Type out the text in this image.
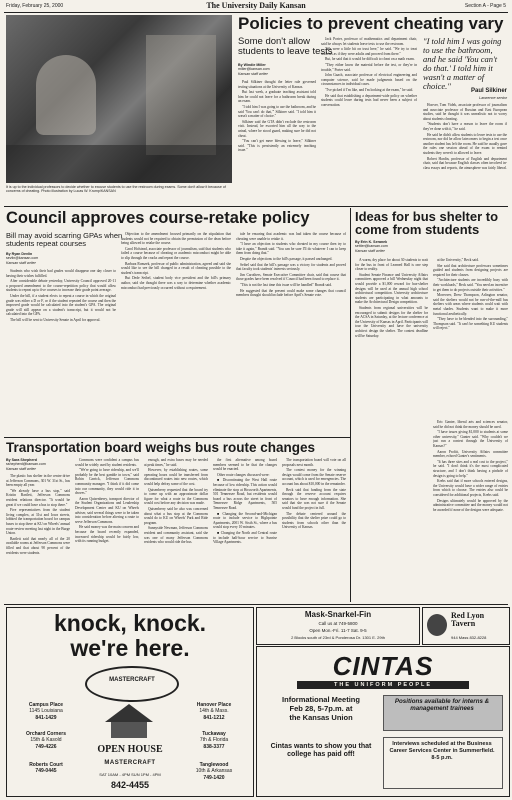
Friday, February 25, 2000	The University Daily Kansan	Section A - Page 5
It is up to the individual professors to decide whether to excuse students to use the restroom during exams. Some don't allow it because of concerns of cheating. Photo illustration by Lucas W. Krump/KANSAN
Policies to prevent cheating vary
Some don't allow students to leave tests
By Windie Miller
miller@kansan.com
Kansan staff writer

Paul Silkiner thought the letter rule governed testing situations at the University of Kansas.

But last week, a graduate teaching assistant told him he could not leave for a bathroom break during an exam.

"I told him I was going to use the bathroom, and he said 'You can't do that,'" Silkiner said. "I told him it wasn't a matter of choice."

Silkiner said the GTA didn't exclude the restroom visit. Instead, he escorted him all the way to the urinal, where he stood guard, making sure he did not cheat.

"You can't get mere blessing to leave," Silkiner said. "This is persistently an extremely teaching issue."

Jack Porter, professor of mathematics and department chair, said he always let students leave tests to use the restroom.

"We were a little bit on trust here," he said. "We try to treat students as if they were adults and proceed from there."

But, he said that it would be difficult to cheat on a math exam.

"They either know the material before the test, or they're in trouble," Porter said.

John Gaach, associate professor of electrical engineering and computer science, said he made judgments based on the circumstances in individual cases.

"I've picked if I'm like, and I'm looking at the exam," he said.

He said that establishing a department-wide policy on whether students could leave during tests had never been a subject of conversation.

"I told him I was going to use the bathroom, and he said 'You can't do that.' I told him it wasn't a matter of choice."
Paul Silkiner
Lawrence senior

Hoover, Tom Videk, associate professor of journalism and associate professor of Russian and East European studies, said he thought it was unrealistic not to worry about students cheating.

"Students don't have a reason to leave the room if they've done with it," he said.

He said he didn't allow students to leave tests to use the restroom, nor did he allow latecomers to begin a test once another student has left the room. He said he usually gave the rules one session ahead of the exam to remind students they weren't to allowed to leave.

Robert Hardin, professor of English and department chair, said that because English classes often involved in-class essays and reports, the atmosphere was fairly liberal.

Council approves course-retake policy
Bill may avoid scarring GPAs when students repeat courses
By Ryan Devlin
sevlin@kansan.com
Kansan staff writer

Students who wish their bad grades would disappear one day closer to having their wishes fulfilled.

After considerable debate yesterday, University Council approved 20-11 a proposed amendment to the course-repetition policy that would allow students to repeat up to five courses to increase their grade point average.

Under the bill, if a student elects to repeat a course in which the original grade was either a D or F, or if the student repeated the course and then the improved grade would be calculated into the student's GPA. The original grade will still appear on a student's transcript, but it would not be calculated into the GPA.

The bill will be sent to University Senate in April for approval.

Objection to the amendment focused primarily on the stipulation that students would not be required to obtain the permission of the dean before being allowed to retake the course.

Carol Holstead, associate professor of journalism, said that students who failed a course because of cheating or academic misconduct might be able to slip through the cracks and repeat the course.

Barbara Romzek, professor of public administration, agreed and said she would like to see the bill changed in a result of cheating possible to the student's transcript.

But Dede Seibel, student body vice president and the bill's primary author, said she thought there was a way to determine whether academic misconduct had previously occurred without a requirement.

tale be ensuring that academic was had taken the course because of cheating were unable to retake it.

"I have an objection to students who cheated in my course then try to take it again," Brandt said. "You can be sure I'll do whatever I can to keep them from doing that."

Despite the objections to the bill's passage, it passed unchanged.

Seibel said that the bill's passage was a victory for students and proved that faculty took students' interests seriously.

Jim Carothers, Senate Executive Committee chair, said that course that those grades have been resolved if Council had been found to replace it.

"This is not the last time this issue will be handled" Brandt said.

He suggested that the present could make some changes that council members thought should include before April's Senate vote.

Ideas for bus shelter to come from students
By Erin K. Seranek
settler@kansan.com
Kansan staff writer

A warm, dry place for about 30 students to wait for the bus in front of Learned Hall is one step closer to reality.

Student Senate Finance and University Affairs committees approved a bill Wednesday night that would provide a $1,000 reward for bus-shelter designs will be used at the annual high school architectural competition. University architecture students are participating in what amounts to make the Architectural Design competition.

Students from regional universities will be encouraged to submit designs for the shelter for the ACSA in Saturday, at the lecture conference at the University of Kansas in April. Participants will tour the University and have the university architect design the shelter. The contest deadline will be Saturday.

at the University," Beck said.

She said that architecture professors sometimes guided and students from designing projects are required for their classes.

"Architecture students are incredibly busy with their workloads," Beck said. "You need an incentive to get them to do projects outside their activities."

Moreover, Drew Thompson, Arlington senator, said the shelters would not be run-of-the-mill bus shelters with areas where students could wait with metal shades. Students want to make it more functional aesthetically.

"They have to be blended into the surrounding," Thompson said. "It can't be something KU students will reject."

Eric Ganter, liberal arts and sciences senator, said he did not think the money should be used.

"I have issues giving $1,000 to students at some other university," Ganter said. "Why couldn't we just run a contest through the University of Kansas?"

Aaron Profitt, University Affairs committee member, echoed Ganter's sentiments.

"It has three sites and a real cost to the project," he said. "I don't think it's the most complicated structure, and I don't think having a pinhole of design is going to help."

Krebs said that if more schools entered designs, the University would have a wider range of entries from which to choose. The entries also could be considered for additional projects, Krebs said.

Designs ultimately would be approved by the administrative committee and the money would not be awarded if none of the designs were adequate.

Transportation board weighs bus route changes
By Sara Shepherd
sshepherd@kansan.com
Kansan staff writer

The plastic bus shelter in the centre drive at Jefferson Commons, 301 W. 31st St., has been empty all year.

"We already have a bus stop," said Kristin Bartlett, Jefferson Commons resident relations director. "It would be great if we could have a bus to stop there."

Five representatives from the student living complex, at 31st and Iowa streets, lobbied the transportation board for campus buses to stop there at KU on Wheels' annual route-review meeting last night in the Burge Union.

Bartlett said that nearly all of the 20 available rooms at Jefferson Commons were filled and that about 90 percent of the residents were students.

Commons were confident a campus bus would be widely used by student residents.

"We're going to have ridership, and we'll probably be the best gamble in town," said Robin Carrick, Jefferson Commons community manager. "I think if it did come into our community, they would ride it in droves."

Aaron Quisenberry, transport director of the Student Organizations and Leadership Development Center and KU on Wheels adviser, said several things were to be taken into consideration before altering a route to serve Jefferson Commons.

He said money was the main concern and because the board recently expanded, increased ridership would be fairly low, with its running budget.

enough, and extra buses may be needed at peak times," he said.

However, by establishing routes, some operating hours could be transferred from discontinued routes into new routes, which would help defray some of the cost.

Quisenberry requested that the board try to come up with an approximate dollar figure for what a route to the Commons would cost before any decision was made.

Quisenberry said he also was concerned about what a bus stop at the Commons would do to KU on Wheels' Park and Ride program.

Sunnyside Newman, Jefferson Commons resident and community assistant, said she was one of many Jefferson Commons residents who would ride the bus.

the first alternative among board members seemed to be that the changes would be enacted.

Other route changes discussed were:

■ Discontinuing the West Hall route because of low ridership. This action would eliminate the stop at Hoxworth Apartments, 501 Tennessee Road, but residents would board a bus across the street in front of Tennessee Ridge Apartments, 505 Tennessee Road.

■ Changing the Second-and-Michigan route to include service to Highpointe Apartments, 2001 W. Sixth St., where a bus would stop every 10 minutes.

■ Changing the North and Central route to include half-hour service to Sunrise Village Apartments.

The transportation board will vote on all proposals next month.

The contest money for the winning design would come from the Senate reserve account, which is used for emergencies. The account has about $10,000 in the remainder.

Beck said that funding from the state through the reserve account requires senators to have enough information. She said that she was not sure if the Senate would fund the project in full.

The debate centered around the possibility that the shelter prize could go to students from schools other than the University of Kansas.

knock, knock.
we're here.
MASTERCRAFT
Campus Place
1145 Louisiana
841-1429
Orchard Corners
15th & Kasold
749-4226
Roberts Court
749-0445
OPEN HOUSE
MASTERCRAFT
SAT 10AM - 4PM SUN 1PM - 4PM
842-4455
Hanover Place
14th & Mass.
841-1212
Tuckaway
7th & Florida
838-3377
Tanglewood
10th & Arkansas
749-1420
Mask-Snarkel-Fin
Call us at 749-5800
Open Mon.-Fri. 11-7 Sat. 9-5
2 Blocks south of 23rd & Ponderosa Dr. 1301 E. 29th
Red Lyon Tavern
944 Mass 832-8228
CINTAS
THE UNIFORM PEOPLE
Informational Meeting
Feb 28, 5-7p.m. at
the Kansas Union
Positions available for interns & management trainees
Cintas wants to show you that college has paid off!
Interviews scheduled at the Business Career Services Center in Summerfield. 8-5 p.m.
